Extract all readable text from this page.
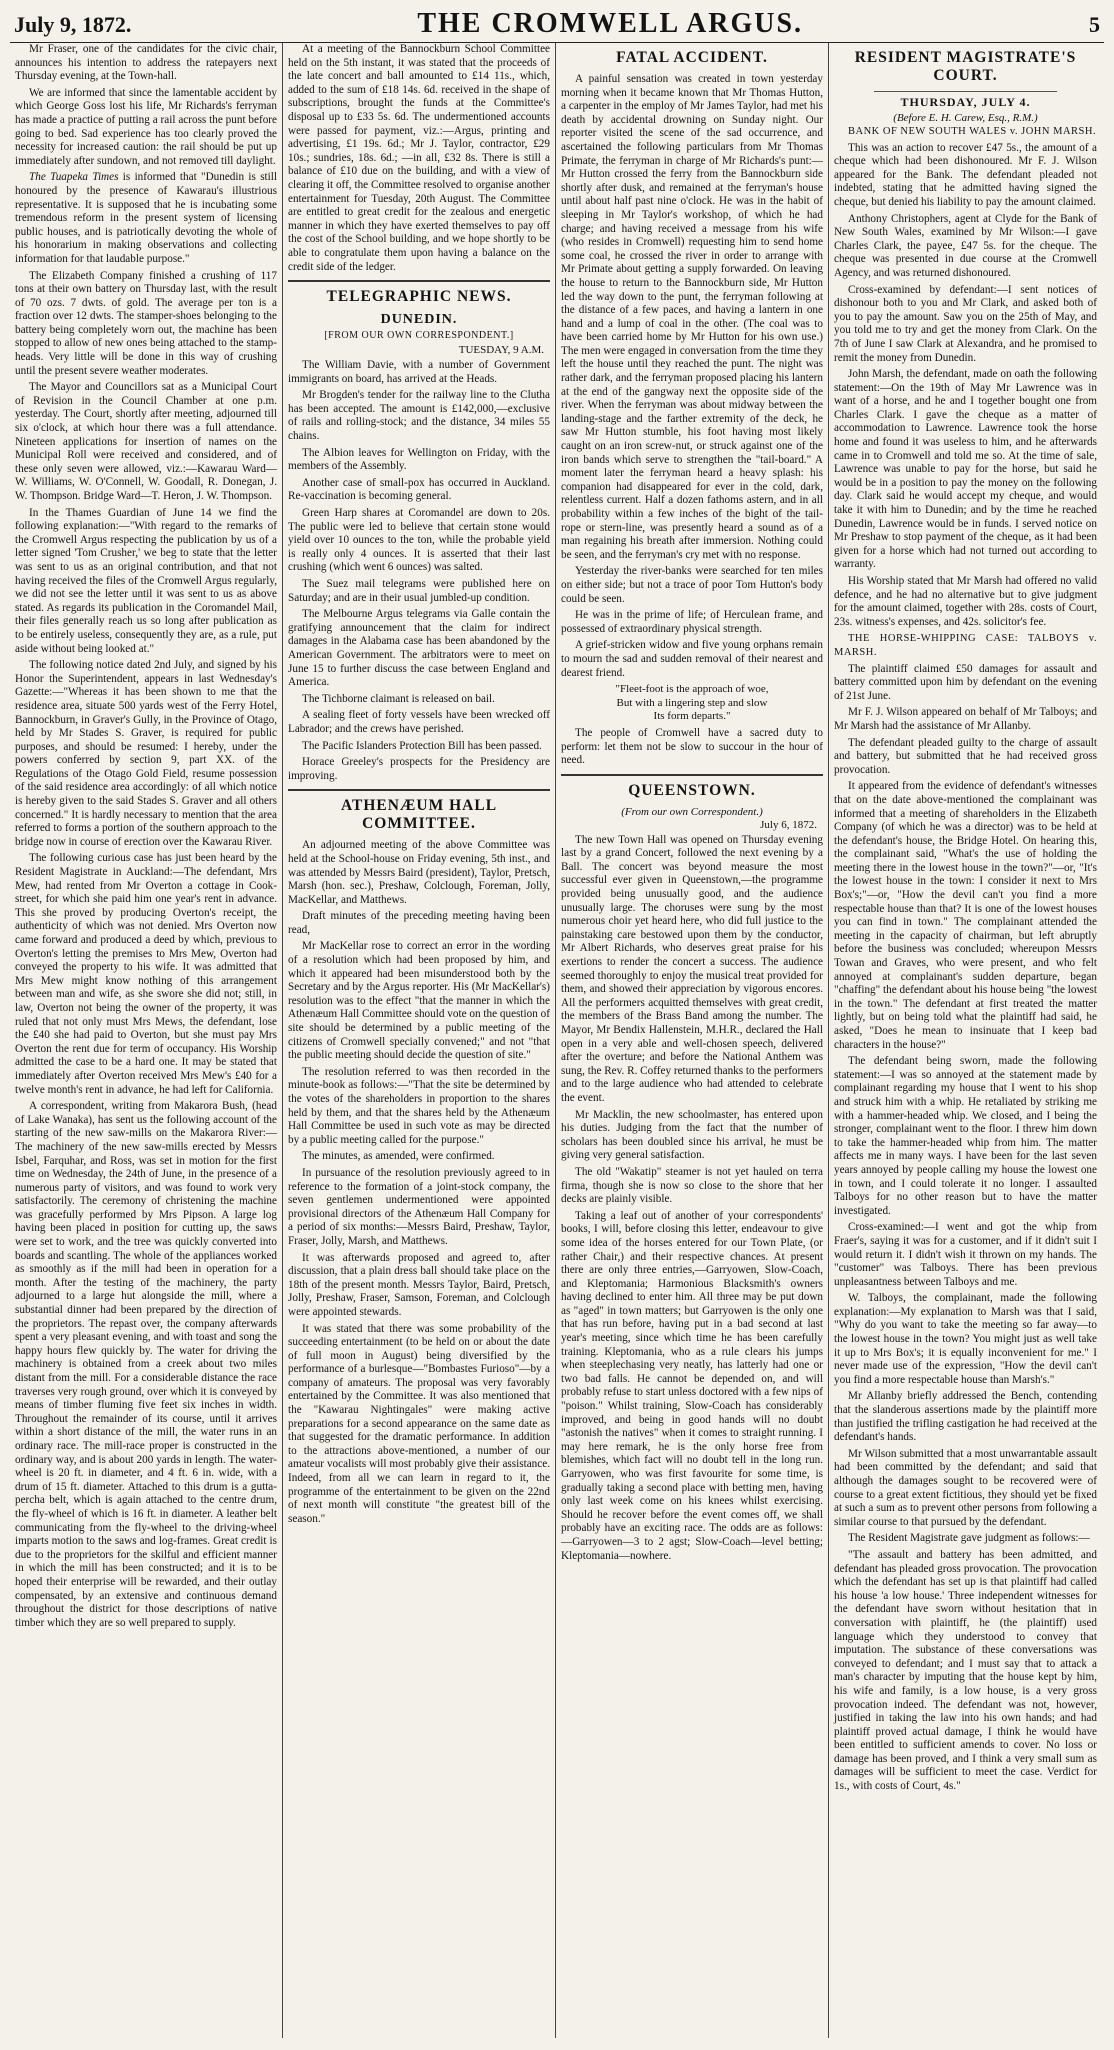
July 9, 1872.	THE CROMWELL ARGUS.	5

Mr Fraser, one of the candidates for the civic chair, announces his intention to address the ratepayers next Thursday evening, at the Town-hall.

We are informed that since the lamentable accident by which George Goss lost his life, Mr Richards's ferryman has made a practice of putting a rail across the punt before going to bed. Sad experience has too clearly proved the necessity for increased caution: the rail should be put up immediately after sundown, and not removed till daylight.

The Tuapeka Times is informed that "Dunedin is still honoured by the presence of Kawarau's illustrious representative. It is supposed that he is incubating some tremendous reform in the present system of licensing public houses, and is patriotically devoting the whole of his honorarium in making observations and collecting information for that laudable purpose."

The Elizabeth Company finished a crushing of 117 tons at their own battery on Thursday last, with the result of 70 ozs. 7 dwts. of gold. The average per ton is a fraction over 12 dwts. The stamper-shoes belonging to the battery being completely worn out, the machine has been stopped to allow of new ones being attached to the stamp-heads. Very little will be done in this way of crushing until the present severe weather moderates.

The Mayor and Councillors sat as a Municipal Court of Revision in the Council Chamber at one p.m. yesterday. The Court, shortly after meeting, adjourned till six o'clock, at which hour there was a full attendance. Nineteen applications for insertion of names on the Municipal Roll were received and considered, and of these only seven were allowed, viz.:—Kawarau Ward—W. Williams, W. O'Connell, W. Goodall, R. Donegan, J. W. Thompson. Bridge Ward—T. Heron, J. W. Thompson.

In the Thames Guardian of June 14 we find the following explanation:—"With regard to the remarks of the Cromwell Argus respecting the publication by us of a letter signed 'Tom Crusher,' we beg to state that the letter was sent to us as an original contribution, and that not having received the files of the Cromwell Argus regularly, we did not see the letter until it was sent to us as above stated. As regards its publication in the Coromandel Mail, their files generally reach us so long after publication as to be entirely useless, consequently they are, as a rule, put aside without being looked at."

The following notice dated 2nd July, and signed by his Honor the Superintendent, appears in last Wednesday's Gazette:—"Whereas it has been shown to me that the residence area, situate 500 yards west of the Ferry Hotel, Bannockburn, in Graver's Gully, in the Province of Otago, held by Mr Stades S. Graver, is required for public purposes, and should be resumed: I hereby, under the powers conferred by section 9, part XX. of the Regulations of the Otago Gold Field, resume possession of the said residence area accordingly: of all which notice is hereby given to the said Stades S. Graver and all others concerned." It is hardly necessary to mention that the area referred to forms a portion of the southern approach to the bridge now in course of erection over the Kawarau River.

The following curious case has just been heard by the Resident Magistrate in Auckland:—The defendant, Mrs Mew, had rented from Mr Overton a cottage in Cook-street, for which she paid him one year's rent in advance. This she proved by producing Overton's receipt, the authenticity of which was not denied. Mrs Overton now came forward and produced a deed by which, previous to Overton's letting the premises to Mrs Mew, Overton had conveyed the property to his wife. It was admitted that Mrs Mew might know nothing of this arrangement between man and wife, as she swore she did not; still, in law, Overton not being the owner of the property, it was ruled that not only must Mrs Mews, the defendant, lose the £40 she had paid to Overton, but she must pay Mrs Overton the rent due for term of occupancy. His Worship admitted the case to be a hard one. It may be stated that immediately after Overton received Mrs Mew's £40 for a twelve month's rent in advance, he had left for California.

A correspondent, writing from Makarora Bush, (head of Lake Wanaka), has sent us the following account of the starting of the new saw-mills on the Makarora River:—The machinery of the new saw-mills erected by Messrs Isbel, Farquhar, and Ross, was set in motion for the first time on Wednesday, the 24th of June, in the presence of a numerous party of visitors, and was found to work very satisfactorily. The ceremony of christening the machine was gracefully performed by Mrs Pipson. A large log having been placed in position for cutting up, the saws were set to work, and the tree was quickly converted into boards and scantling. The whole of the appliances worked as smoothly as if the mill had been in operation for a month. After the testing of the machinery, the party adjourned to a large hut alongside the mill, where a substantial dinner had been prepared by the direction of the proprietors. The repast over, the company afterwards spent a very pleasant evening, and with toast and song the happy hours flew quickly by. The water for driving the machinery is obtained from a creek about two miles distant from the mill. For a considerable distance the race traverses very rough ground, over which it is conveyed by means of timber fluming five feet six inches in width. Throughout the remainder of its course, until it arrives within a short distance of the mill, the water runs in an ordinary race. The mill-race proper is constructed in the ordinary way, and is about 200 yards in length. The water-wheel is 20 ft. in diameter, and 4 ft. 6 in. wide, with a drum of 15 ft. diameter. Attached to this drum is a gutta-percha belt, which is again attached to the centre drum, the fly-wheel of which is 16 ft. in diameter. A leather belt communicating from the fly-wheel to the driving-wheel imparts motion to the saws and log-frames. Great credit is due to the proprietors for the skilful and efficient manner in which the mill has been constructed; and it is to be hoped their enterprise will be rewarded, and their outlay compensated, by an extensive and continuous demand throughout the district for those descriptions of native timber which they are so well prepared to supply.

At a meeting of the Bannockburn School Committee held on the 5th instant, it was stated that the proceeds of the late concert and ball amounted to £14 11s., which, added to the sum of £18 14s. 6d. received in the shape of subscriptions, brought the funds at the Committee's disposal up to £33 5s. 6d. The undermentioned accounts were passed for payment, viz.:—Argus, printing and advertising, £1 19s. 6d.; Mr J. Taylor, contractor, £29 10s.; sundries, 18s. 6d.; —in all, £32 8s. There is still a balance of £10 due on the building, and with a view of clearing it off, the Committee resolved to organise another entertainment for Tuesday, 20th August. The Committee are entitled to great credit for the zealous and energetic manner in which they have exerted themselves to pay off the cost of the School building, and we hope shortly to be able to congratulate them upon having a balance on the credit side of the ledger.

TELEGRAPHIC NEWS.
DUNEDIN.
[FROM OUR OWN CORRESPONDENT.]
TUESDAY, 9 A.M.

The William Davie, with a number of Government immigrants on board, has arrived at the Heads.

Mr Brogden's tender for the railway line to the Clutha has been accepted. The amount is £142,000,—exclusive of rails and rolling-stock; and the distance, 34 miles 55 chains.

The Albion leaves for Wellington on Friday, with the members of the Assembly.

Another case of small-pox has occurred in Auckland. Re-vaccination is becoming general.

Green Harp shares at Coromandel are down to 20s. The public were led to believe that certain stone would yield over 10 ounces to the ton, while the probable yield is really only 4 ounces. It is asserted that their last crushing (which went 6 ounces) was salted.

The Suez mail telegrams were published here on Saturday; and are in their usual jumbled-up condition.

The Melbourne Argus telegrams via Galle contain the gratifying announcement that the claim for indirect damages in the Alabama case has been abandoned by the American Government. The arbitrators were to meet on June 15 to further discuss the case between England and America.

The Tichborne claimant is released on bail.

A sealing fleet of forty vessels have been wrecked off Labrador; and the crews have perished.

The Pacific Islanders Protection Bill has been passed.

Horace Greeley's prospects for the Presidency are improving.

ATHENÆUM HALL COMMITTEE.

An adjourned meeting of the above Committee was held at the School-house on Friday evening, 5th inst., and was attended by Messrs Baird (president), Taylor, Pretsch, Marsh (hon. sec.), Preshaw, Colclough, Foreman, Jolly, MacKellar, and Matthews.

Draft minutes of the preceding meeting having been read,

Mr MacKellar rose to correct an error in the wording of a resolution which had been proposed by him, and which it appeared had been misunderstood both by the Secretary and by the Argus reporter. His (Mr MacKellar's) resolution was to the effect "that the manner in which the Athenæum Hall Committee should vote on the question of site should be determined by a public meeting of the citizens of Cromwell specially convened;" and not "that the public meeting should decide the question of site."

The resolution referred to was then recorded in the minute-book as follows:—"That the site be determined by the votes of the shareholders in proportion to the shares held by them, and that the shares held by the Athenæum Hall Committee be used in such vote as may be directed by a public meeting called for the purpose."

The minutes, as amended, were confirmed.

In pursuance of the resolution previously agreed to in reference to the formation of a joint-stock company, the seven gentlemen undermentioned were appointed provisional directors of the Athenæum Hall Company for a period of six months:—Messrs Baird, Preshaw, Taylor, Fraser, Jolly, Marsh, and Matthews.

It was afterwards proposed and agreed to, after discussion, that a plain dress ball should take place on the 18th of the present month. Messrs Taylor, Baird, Pretsch, Jolly, Preshaw, Fraser, Samson, Foreman, and Colclough were appointed stewards.

It was stated that there was some probability of the succeeding entertainment (to be held on or about the date of full moon in August) being diversified by the performance of a burlesque—"Bombastes Furioso"—by a company of amateurs. The proposal was very favorably entertained by the Committee. It was also mentioned that the "Kawarau Nightingales" were making active preparations for a second appearance on the same date as that suggested for the dramatic performance. In addition to the attractions above-mentioned, a number of our amateur vocalists will most probably give their assistance. Indeed, from all we can learn in regard to it, the programme of the entertainment to be given on the 22nd of next month will constitute "the greatest bill of the season."

FATAL ACCIDENT.

A painful sensation was created in town yesterday morning when it became known that Mr Thomas Hutton, a carpenter in the employ of Mr James Taylor, had met his death by accidental drowning on Sunday night. Our reporter visited the scene of the sad occurrence, and ascertained the following particulars from Mr Thomas Primate, the ferryman in charge of Mr Richards's punt:—Mr Hutton crossed the ferry from the Bannockburn side shortly after dusk, and remained at the ferryman's house until about half past nine o'clock. He was in the habit of sleeping in Mr Taylor's workshop, of which he had charge; and having received a message from his wife (who resides in Cromwell) requesting him to send home some coal, he crossed the river in order to arrange with Mr Primate about getting a supply forwarded. On leaving the house to return to the Bannockburn side, Mr Hutton led the way down to the punt, the ferryman following at the distance of a few paces, and having a lantern in one hand and a lump of coal in the other. (The coal was to have been carried home by Mr Hutton for his own use.) The men were engaged in conversation from the time they left the house until they reached the punt. The night was rather dark, and the ferryman proposed placing his lantern at the end of the gangway next the opposite side of the river. When the ferryman was about midway between the landing-stage and the farther extremity of the deck, he saw Mr Hutton stumble, his foot having most likely caught on an iron screw-nut, or struck against one of the iron bands which serve to strengthen the "tail-board." A moment later the ferryman heard a heavy splash: his companion had disappeared for ever in the cold, dark, relentless current. Half a dozen fathoms astern, and in all probability within a few inches of the bight of the tail-rope or stern-line, was presently heard a sound as of a man regaining his breath after immersion. Nothing could be seen, and the ferryman's cry met with no response.

Yesterday the river-banks were searched for ten miles on either side; but not a trace of poor Tom Hutton's body could be seen.

He was in the prime of life; of Herculean frame, and possessed of extraordinary physical strength.

A grief-stricken widow and five young orphans remain to mourn the sad and sudden removal of their nearest and dearest friend.

"Fleet-foot is the approach of woe,
But with a lingering step and slow
Its form departs."

The people of Cromwell have a sacred duty to perform: let them not be slow to succour in the hour of need.

QUEENSTOWN.
(From our own Correspondent.)
July 6, 1872.

The new Town Hall was opened on Thursday evening last by a grand Concert, followed the next evening by a Ball. The concert was beyond measure the most successful ever given in Queenstown,—the programme provided being unusually good, and the audience unusually large. The choruses were sung by the most numerous choir yet heard here, who did full justice to the painstaking care bestowed upon them by the conductor, Mr Albert Richards, who deserves great praise for his exertions to render the concert a success. The audience seemed thoroughly to enjoy the musical treat provided for them, and showed their appreciation by vigorous encores. All the performers acquitted themselves with great credit, the members of the Brass Band among the number. The Mayor, Mr Bendix Hallenstein, M.H.R., declared the Hall open in a very able and well-chosen speech, delivered after the overture; and before the National Anthem was sung, the Rev. R. Coffey returned thanks to the performers and to the large audience who had attended to celebrate the event.

Mr Macklin, the new schoolmaster, has entered upon his duties. Judging from the fact that the number of scholars has been doubled since his arrival, he must be giving very general satisfaction.

The old "Wakatip" steamer is not yet hauled on terra firma, though she is now so close to the shore that her decks are plainly visible.

Taking a leaf out of another of your correspondents' books, I will, before closing this letter, endeavour to give some idea of the horses entered for our Town Plate, (or rather Chair,) and their respective chances. At present there are only three entries,—Garryowen, Slow-Coach, and Kleptomania; Harmonious Blacksmith's owners having declined to enter him. All three may be put down as "aged" in town matters; but Garryowen is the only one that has run before, having put in a bad second at last year's meeting, since which time he has been carefully training. Kleptomania, who as a rule clears his jumps when steeplechasing very neatly, has latterly had one or two bad falls. He cannot be depended on, and will probably refuse to start unless doctored with a few nips of "poison." Whilst training, Slow-Coach has considerably improved, and being in good hands will no doubt "astonish the natives" when it comes to straight running. I may here remark, he is the only horse free from blemishes, which fact will no doubt tell in the long run. Garryowen, who was first favourite for some time, is gradually taking a second place with betting men, having only last week come on his knees whilst exercising. Should he recover before the event comes off, we shall probably have an exciting race. The odds are as follows:—Garryowen—3 to 2 agst; Slow-Coach—level betting; Kleptomania—nowhere.

RESIDENT MAGISTRATE'S COURT.
THURSDAY, JULY 4.
(Before E. H. Carew, Esq., R.M.)

BANK OF NEW SOUTH WALES v. JOHN MARSH.

This was an action to recover £47 5s., the amount of a cheque which had been dishonoured. Mr F. J. Wilson appeared for the Bank. The defendant pleaded not indebted, stating that he admitted having signed the cheque, but denied his liability to pay the amount claimed.

Anthony Christophers, agent at Clyde for the Bank of New South Wales, examined by Mr Wilson:—I gave Charles Clark, the payee, £47 5s. for the cheque. The cheque was presented in due course at the Cromwell Agency, and was returned dishonoured.

Cross-examined by defendant:—I sent notices of dishonour both to you and Mr Clark, and asked both of you to pay the amount. Saw you on the 25th of May, and you told me to try and get the money from Clark. On the 7th of June I saw Clark at Alexandra, and he promised to remit the money from Dunedin.

John Marsh, the defendant, made on oath the following statement:—On the 19th of May Mr Lawrence was in want of a horse, and he and I together bought one from Charles Clark. I gave the cheque as a matter of accommodation to Lawrence. Lawrence took the horse home and found it was useless to him, and he afterwards came in to Cromwell and told me so. At the time of sale, Lawrence was unable to pay for the horse, but said he would be in a position to pay the money on the following day. Clark said he would accept my cheque, and would take it with him to Dunedin; and by the time he reached Dunedin, Lawrence would be in funds. I served notice on Mr Preshaw to stop payment of the cheque, as it had been given for a horse which had not turned out according to warranty.

His Worship stated that Mr Marsh had offered no valid defence, and he had no alternative but to give judgment for the amount claimed, together with 28s. costs of Court, 23s. witness's expenses, and 42s. solicitor's fee.

THE HORSE-WHIPPING CASE: TALBOYS v. MARSH.

The plaintiff claimed £50 damages for assault and battery committed upon him by defendant on the evening of 21st June.

Mr F. J. Wilson appeared on behalf of Mr Talboys; and Mr Marsh had the assistance of Mr Allanby.

The defendant pleaded guilty to the charge of assault and battery, but submitted that he had received gross provocation.

It appeared from the evidence of defendant's witnesses that on the date above-mentioned the complainant was informed that a meeting of shareholders in the Elizabeth Company (of which he was a director) was to be held at the defendant's house, the Bridge Hotel. On hearing this, the complainant said, "What's the use of holding the meeting there in the lowest house in the town?"—or, "It's the lowest house in the town: I consider it next to Mrs Box's;"—or, "How the devil can't you find a more respectable house than that? It is one of the lowest houses you can find in town." The complainant attended the meeting in the capacity of chairman, but left abruptly before the business was concluded; whereupon Messrs Towan and Graves, who were present, and who felt annoyed at complainant's sudden departure, began "chaffing" the defendant about his house being "the lowest in the town." The defendant at first treated the matter lightly, but on being told what the plaintiff had said, he asked, "Does he mean to insinuate that I keep bad characters in the house?"

The defendant being sworn, made the following statement:—I was so annoyed at the statement made by complainant regarding my house that I went to his shop and struck him with a whip. He retaliated by striking me with a hammer-headed whip. We closed, and I being the stronger, complainant went to the floor. I threw him down to take the hammer-headed whip from him. The matter affects me in many ways. I have been for the last seven years annoyed by people calling my house the lowest one in town, and I could tolerate it no longer. I assaulted Talboys for no other reason but to have the matter investigated.

Cross-examined:—I went and got the whip from Fraer's, saying it was for a customer, and if it didn't suit I would return it. I didn't wish it thrown on my hands. The "customer" was Talboys. There has been previous unpleasantness between Talboys and me.

W. Talboys, the complainant, made the following explanation:—My explanation to Marsh was that I said, "Why do you want to take the meeting so far away—to the lowest house in the town? You might just as well take it up to Mrs Box's; it is equally inconvenient for me." I never made use of the expression, "How the devil can't you find a more respectable house than Marsh's."

Mr Allanby briefly addressed the Bench, contending that the slanderous assertions made by the plaintiff more than justified the trifling castigation he had received at the defendant's hands.

Mr Wilson submitted that a most unwarrantable assault had been committed by the defendant; and said that although the damages sought to be recovered were of course to a great extent fictitious, they should yet be fixed at such a sum as to prevent other persons from following a similar course to that pursued by the defendant.

The Resident Magistrate gave judgment as follows:—

"The assault and battery has been admitted, and defendant has pleaded gross provocation. The provocation which the defendant has set up is that plaintiff had called his house 'a low house.' Three independent witnesses for the defendant have sworn without hesitation that in conversation with plaintiff, he (the plaintiff) used language which they understood to convey that imputation. The substance of these conversations was conveyed to defendant; and I must say that to attack a man's character by imputing that the house kept by him, his wife and family, is a low house, is a very gross provocation indeed. The defendant was not, however, justified in taking the law into his own hands; and had plaintiff proved actual damage, I think he would have been entitled to sufficient amends to cover. No loss or damage has been proved, and I think a very small sum as damages will be sufficient to meet the case. Verdict for 1s., with costs of Court, 4s."
